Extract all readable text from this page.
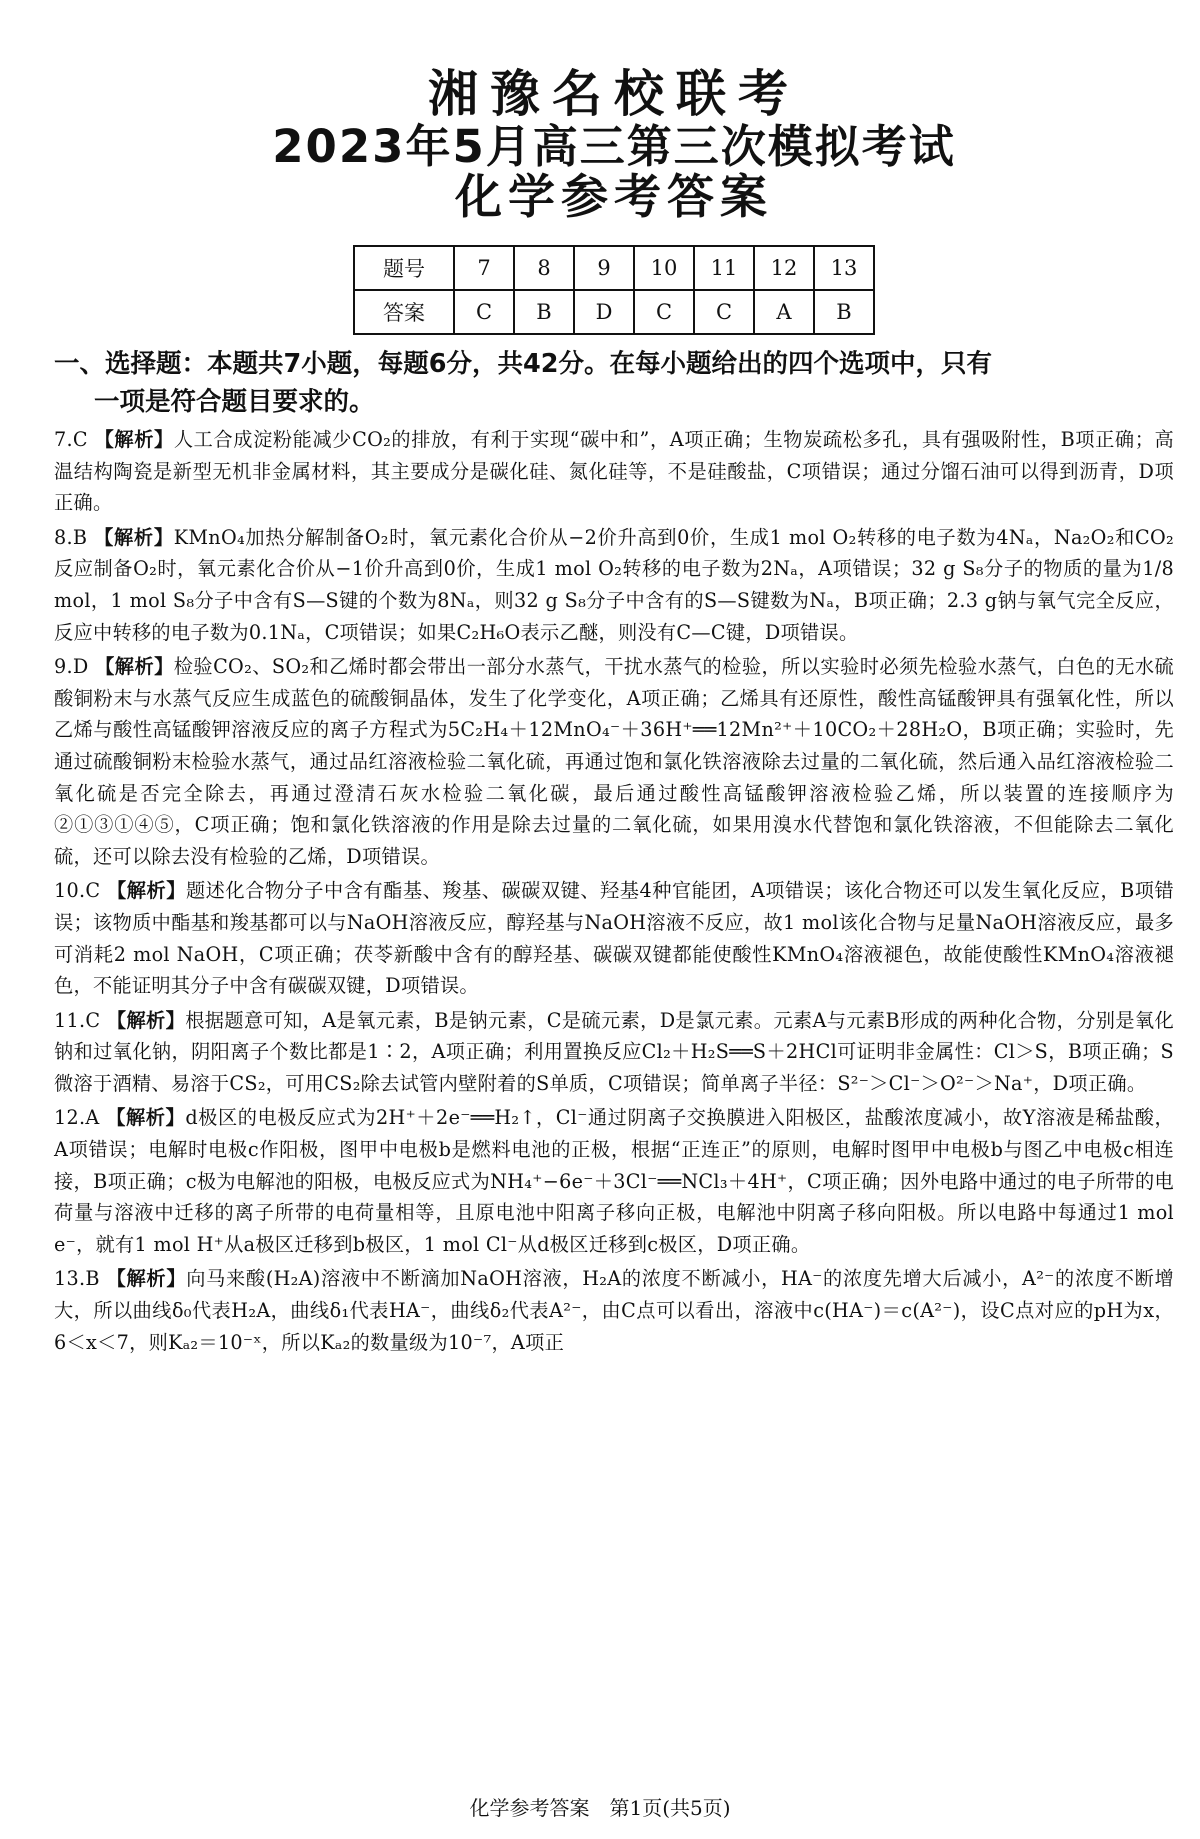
湘豫名校联考
2023年5月高三第三次模拟考试
化学参考答案
题号	7	8	9	10	11	12	13
答案	C	B	D	C	C	A	B
一、选择题：本题共7小题，每题6分，共42分。在每小题给出的四个选项中，只有
一项是符合题目要求的。
7.C 【解析】人工合成淀粉能减少CO₂的排放，有利于实现“碳中和”，A项正确；生物炭疏松多孔，具有强吸附性，B项正确；高温结构陶瓷是新型无机非金属材料，其主要成分是碳化硅、氮化硅等，不是硅酸盐，C项错误；通过分馏石油可以得到沥青，D项正确。
8.B 【解析】KMnO₄加热分解制备O₂时，氧元素化合价从−2价升高到0价，生成1 mol O₂转移的电子数为4Nₐ，Na₂O₂和CO₂反应制备O₂时，氧元素化合价从−1价升高到0价，生成1 mol O₂转移的电子数为2Nₐ，A项错误；32 g S₈分子的物质的量为1/8 mol，1 mol S₈分子中含有S—S键的个数为8Nₐ，则32 g S₈分子中含有的S—S键数为Nₐ，B项正确；2.3 g钠与氧气完全反应，反应中转移的电子数为0.1Nₐ，C项错误；如果C₂H₆O表示乙醚，则没有C—C键，D项错误。
9.D 【解析】检验CO₂、SO₂和乙烯时都会带出一部分水蒸气，干扰水蒸气的检验，所以实验时必须先检验水蒸气，白色的无水硫酸铜粉末与水蒸气反应生成蓝色的硫酸铜晶体，发生了化学变化，A项正确；乙烯具有还原性，酸性高锰酸钾具有强氧化性，所以乙烯与酸性高锰酸钾溶液反应的离子方程式为5C₂H₄＋12MnO₄⁻＋36H⁺══12Mn²⁺＋10CO₂＋28H₂O，B项正确；实验时，先通过硫酸铜粉末检验水蒸气，通过品红溶液检验二氧化硫，再通过饱和氯化铁溶液除去过量的二氧化硫，然后通入品红溶液检验二氧化硫是否完全除去，再通过澄清石灰水检验二氧化碳，最后通过酸性高锰酸钾溶液检验乙烯，所以装置的连接顺序为②①③①④⑤，C项正确；饱和氯化铁溶液的作用是除去过量的二氧化硫，如果用溴水代替饱和氯化铁溶液，不但能除去二氧化硫，还可以除去没有检验的乙烯，D项错误。
10.C 【解析】题述化合物分子中含有酯基、羧基、碳碳双键、羟基4种官能团，A项错误；该化合物还可以发生氧化反应，B项错误；该物质中酯基和羧基都可以与NaOH溶液反应，醇羟基与NaOH溶液不反应，故1 mol该化合物与足量NaOH溶液反应，最多可消耗2 mol NaOH，C项正确；茯苓新酸中含有的醇羟基、碳碳双键都能使酸性KMnO₄溶液褪色，故能使酸性KMnO₄溶液褪色，不能证明其分子中含有碳碳双键，D项错误。
11.C 【解析】根据题意可知，A是氧元素，B是钠元素，C是硫元素，D是氯元素。元素A与元素B形成的两种化合物，分别是氧化钠和过氧化钠，阴阳离子个数比都是1∶2，A项正确；利用置换反应Cl₂＋H₂S══S＋2HCl可证明非金属性：Cl＞S，B项正确；S微溶于酒精、易溶于CS₂，可用CS₂除去试管内壁附着的S单质，C项错误；简单离子半径：S²⁻＞Cl⁻＞O²⁻＞Na⁺，D项正确。
12.A 【解析】d极区的电极反应式为2H⁺＋2e⁻══H₂↑，Cl⁻通过阴离子交换膜进入阳极区，盐酸浓度减小，故Y溶液是稀盐酸，A项错误；电解时电极c作阳极，图甲中电极b是燃料电池的正极，根据“正连正”的原则，电解时图甲中电极b与图乙中电极c相连接，B项正确；c极为电解池的阳极，电极反应式为NH₄⁺−6e⁻＋3Cl⁻══NCl₃＋4H⁺，C项正确；因外电路中通过的电子所带的电荷量与溶液中迁移的离子所带的电荷量相等，且原电池中阳离子移向正极，电解池中阴离子移向阳极。所以电路中每通过1 mol e⁻，就有1 mol H⁺从a极区迁移到b极区，1 mol Cl⁻从d极区迁移到c极区，D项正确。
13.B 【解析】向马来酸(H₂A)溶液中不断滴加NaOH溶液，H₂A的浓度不断减小，HA⁻的浓度先增大后减小，A²⁻的浓度不断增大，所以曲线δ₀代表H₂A，曲线δ₁代表HA⁻，曲线δ₂代表A²⁻，由C点可以看出，溶液中c(HA⁻)＝c(A²⁻)，设C点对应的pH为x，6＜x＜7，则Kₐ₂＝10⁻ˣ，所以Kₐ₂的数量级为10⁻⁷，A项正
化学参考答案　第1页(共5页)
